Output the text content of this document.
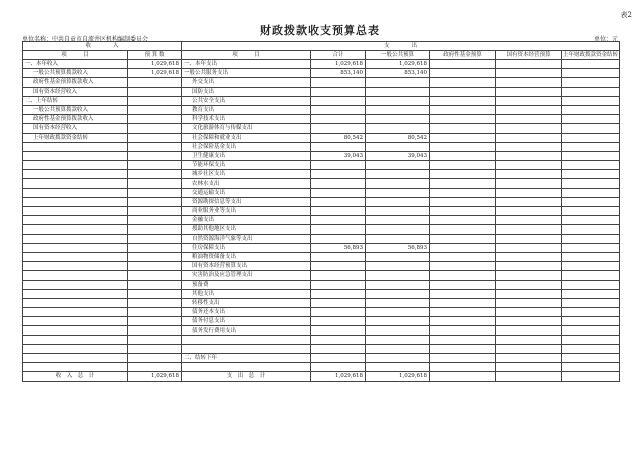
表2
财政拨款收支预算总表
单位名称：中共自贡市自流井区机构编制委员会	单位：元
收　　　　入		支　　　　出					
项　　　目	预 算 数	项　　　目	合计	一般公共预算	政府性基金预算	国有资本经营预算	上年财政拨款资金结转
一、本年收入	1,029,618	一、本年支出	1,029,618	1,029,618			
一般公共预算拨款收入	1,029,618	一般公共服务支出	853,140	853,140			
政府性基金预算拨款收入		外交支出					
国有资本经营收入		国防支出					
二、上年结转		公共安全支出					
一般公共预算拨款收入		教育支出					
政府性基金预算拨款收入		科学技术支出					
国有资本经营收入		文化旅游体育与传媒支出					
上年财政拨款资金结转		社会保障和就业支出	80,542	80,542			
		社会保险基金支出					
		卫生健康支出	39,043	39,043			
		节能环保支出					
		城乡社区支出					
		农林水支出					
		交通运输支出					
		资源勘探信息等支出					
		商业服务业等支出					
		金融支出					
		援助其他地区支出					
		自然资源海洋气象等支出					
		住房保障支出	56,893	56,893			
		粮油物资储备支出					
		国有资本经营预算支出					
		灾害防治及应急管理支出					
		预备费					
		其他支出					
		转移性支出					
		债务还本支出					
		债务付息支出					
		债务发行费用支出					

		二、结转下年					

收　入　总　计	1,029,618	支　出　总　计	1,029,618	1,029,618			
